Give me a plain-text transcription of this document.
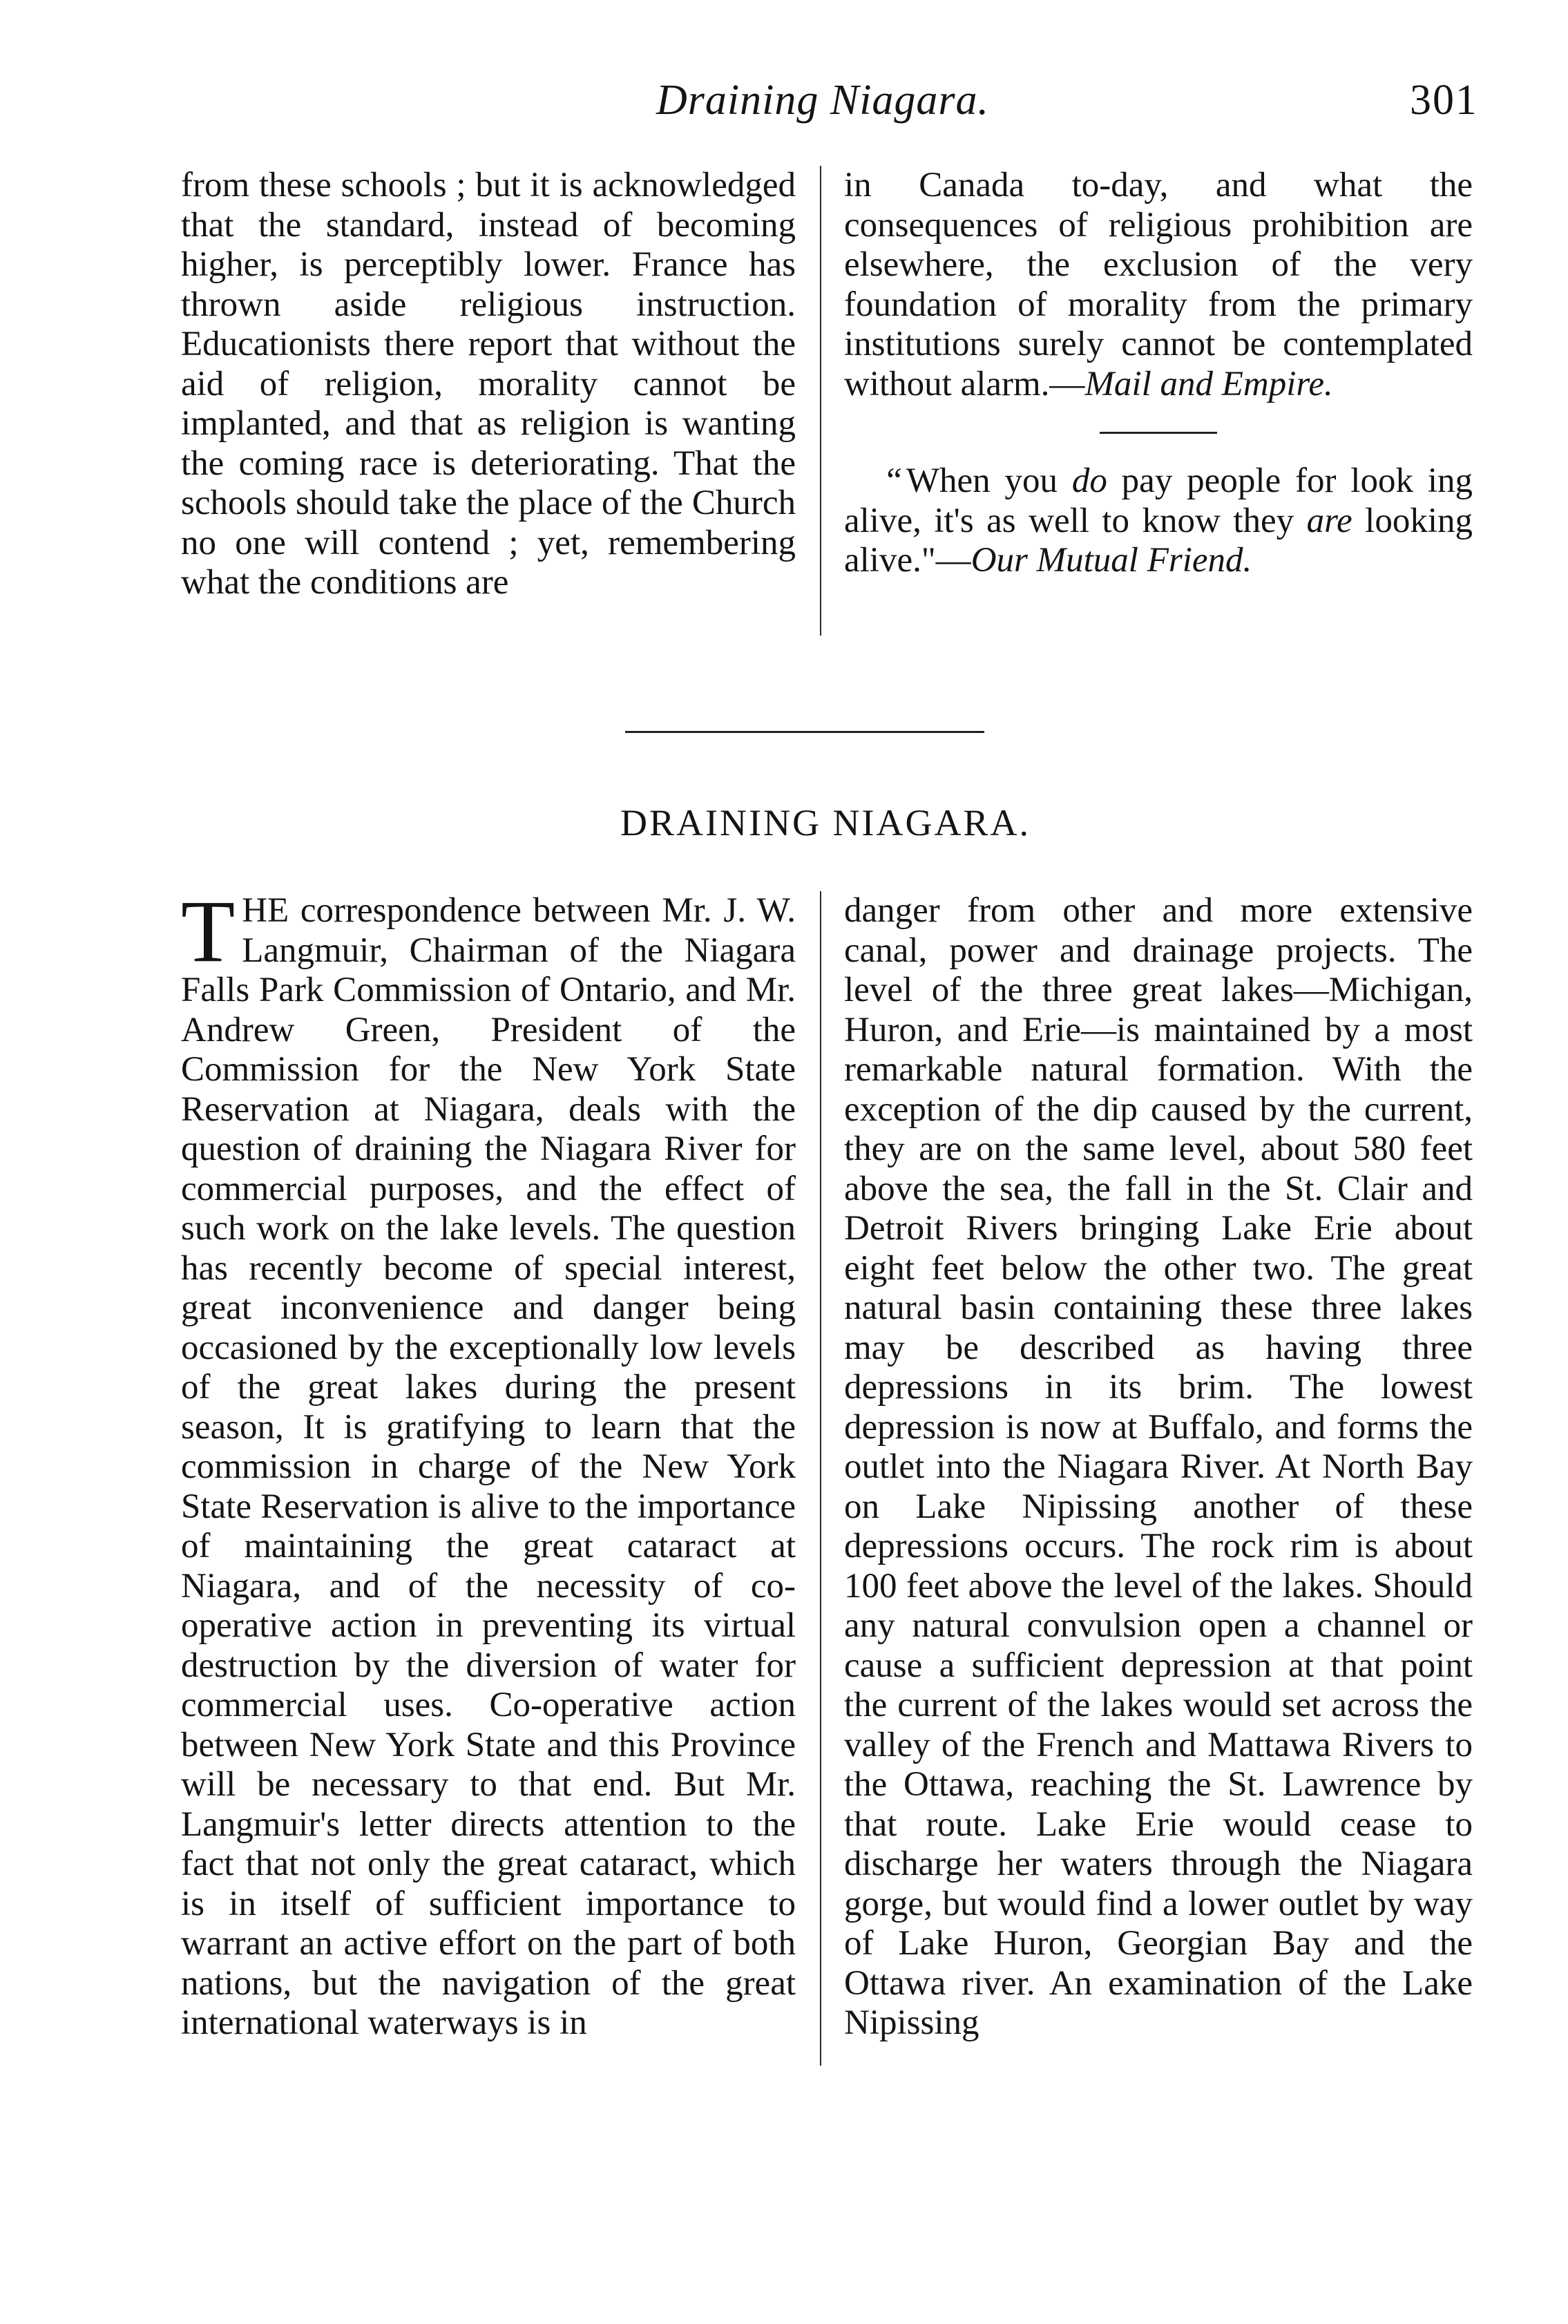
Draining Niagara.	301

from these schools ; but it is acknowledged that the standard, instead of becoming higher, is perceptibly lower. France has thrown aside religious instruction. Educationists there report that without the aid of religion, morality cannot be implanted, and that as religion is wanting the coming race is deteriorating. That the schools should take the place of the Church no one will contend ; yet, remembering what the conditions are

in Canada to-day, and what the consequences of religious prohibition are elsewhere, the exclusion of the very foundation of morality from the primary institutions surely cannot be contemplated without alarm.—Mail and Empire.

“ When you do pay people for look ing alive, it's as well to know they are looking alive."—Our Mutual Friend.

DRAINING NIAGARA.

THE correspondence between Mr. J. W. Langmuir, Chairman of the Niagara Falls Park Commission of Ontario, and Mr. Andrew Green, President of the Commission for the New York State Reservation at Niagara, deals with the question of draining the Niagara River for commercial purposes, and the effect of such work on the lake levels. The question has recently become of special interest, great inconvenience and danger being occasioned by the exceptionally low levels of the great lakes during the present season, It is gratifying to learn that the commission in charge of the New York State Reservation is alive to the importance of maintaining the great cataract at Niagara, and of the necessity of co-operative action in preventing its virtual destruction by the diversion of water for commercial uses. Co-operative action between New York State and this Province will be necessary to that end. But Mr. Langmuir's letter directs attention to the fact that not only the great cataract, which is in itself of sufficient importance to warrant an active effort on the part of both nations, but the navigation of the great international waterways is in

danger from other and more extensive canal, power and drainage projects. The level of the three great lakes—Michigan, Huron, and Erie—is maintained by a most remarkable natural formation. With the exception of the dip caused by the current, they are on the same level, about 580 feet above the sea, the fall in the St. Clair and Detroit Rivers bringing Lake Erie about eight feet below the other two. The great natural basin containing these three lakes may be described as having three depressions in its brim. The lowest depression is now at Buffalo, and forms the outlet into the Niagara River. At North Bay on Lake Nipissing another of these depressions occurs. The rock rim is about 100 feet above the level of the lakes. Should any natural convulsion open a channel or cause a sufficient depression at that point the current of the lakes would set across the valley of the French and Mattawa Rivers to the Ottawa, reaching the St. Lawrence by that route. Lake Erie would cease to discharge her waters through the Niagara gorge, but would find a lower outlet by way of Lake Huron, Georgian Bay and the Ottawa river. An examination of the Lake Nipissing
